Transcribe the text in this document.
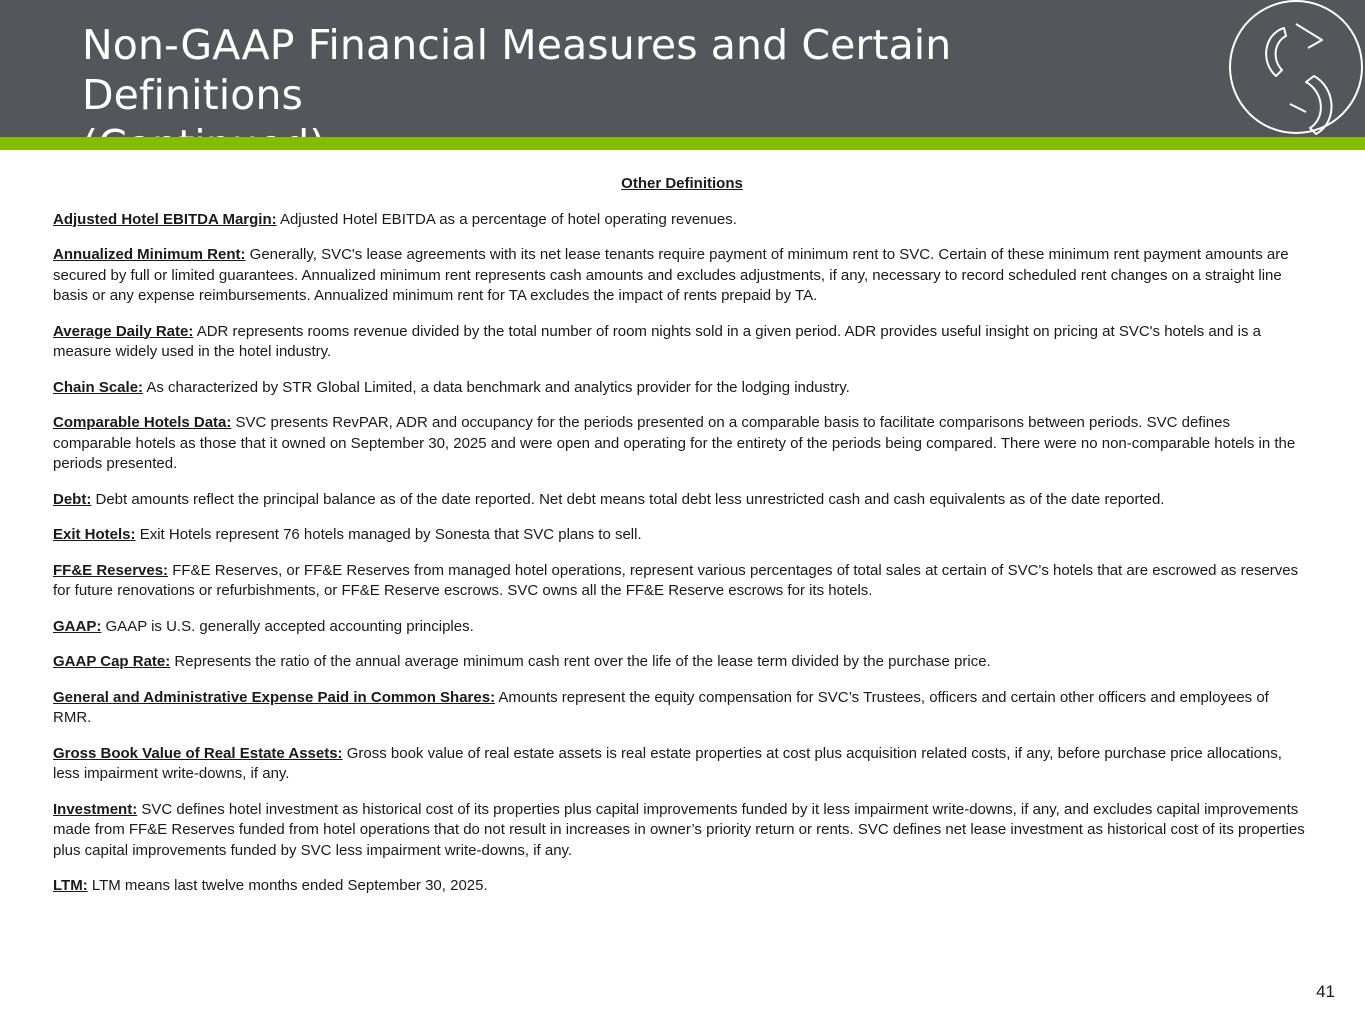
Non-GAAP Financial Measures and Certain Definitions
Other Definitions
Adjusted Hotel EBITDA Margin: Adjusted Hotel EBITDA as a percentage of hotel operating revenues.
Annualized Minimum Rent: Generally, SVC's lease agreements with its net lease tenants require payment of minimum rent to SVC. Certain of these minimum rent payment amounts are secured by full or limited guarantees. Annualized minimum rent represents cash amounts and excludes adjustments, if any, necessary to record scheduled rent changes on a straight line basis or any expense reimbursements. Annualized minimum rent for TA excludes the impact of rents prepaid by TA.
Average Daily Rate: ADR represents rooms revenue divided by the total number of room nights sold in a given period. ADR provides useful insight on pricing at SVC's hotels and is a measure widely used in the hotel industry.
Chain Scale: As characterized by STR Global Limited, a data benchmark and analytics provider for the lodging industry.
Comparable Hotels Data: SVC presents RevPAR, ADR and occupancy for the periods presented on a comparable basis to facilitate comparisons between periods. SVC defines comparable hotels as those that it owned on September 30, 2025 and were open and operating for the entirety of the periods being compared. There were no non-comparable hotels in the periods presented.
Debt: Debt amounts reflect the principal balance as of the date reported. Net debt means total debt less unrestricted cash and cash equivalents as of the date reported.
Exit Hotels: Exit Hotels represent 76 hotels managed by Sonesta that SVC plans to sell.
FF&E Reserves: FF&E Reserves, or FF&E Reserves from managed hotel operations, represent various percentages of total sales at certain of SVC's hotels that are escrowed as reserves for future renovations or refurbishments, or FF&E Reserve escrows. SVC owns all the FF&E Reserve escrows for its hotels.
GAAP: GAAP is U.S. generally accepted accounting principles.
GAAP Cap Rate: Represents the ratio of the annual average minimum cash rent over the life of the lease term divided by the purchase price.
General and Administrative Expense Paid in Common Shares: Amounts represent the equity compensation for SVC’s Trustees, officers and certain other officers and employees of RMR.
Gross Book Value of Real Estate Assets: Gross book value of real estate assets is real estate properties at cost plus acquisition related costs, if any, before purchase price allocations, less impairment write-downs, if any.
Investment: SVC defines hotel investment as historical cost of its properties plus capital improvements funded by it less impairment write-downs, if any, and excludes capital improvements made from FF&E Reserves funded from hotel operations that do not result in increases in owner’s priority return or rents. SVC defines net lease investment as historical cost of its properties plus capital improvements funded by SVC less impairment write-downs, if any.
LTM: LTM means last twelve months ended September 30, 2025.
41
